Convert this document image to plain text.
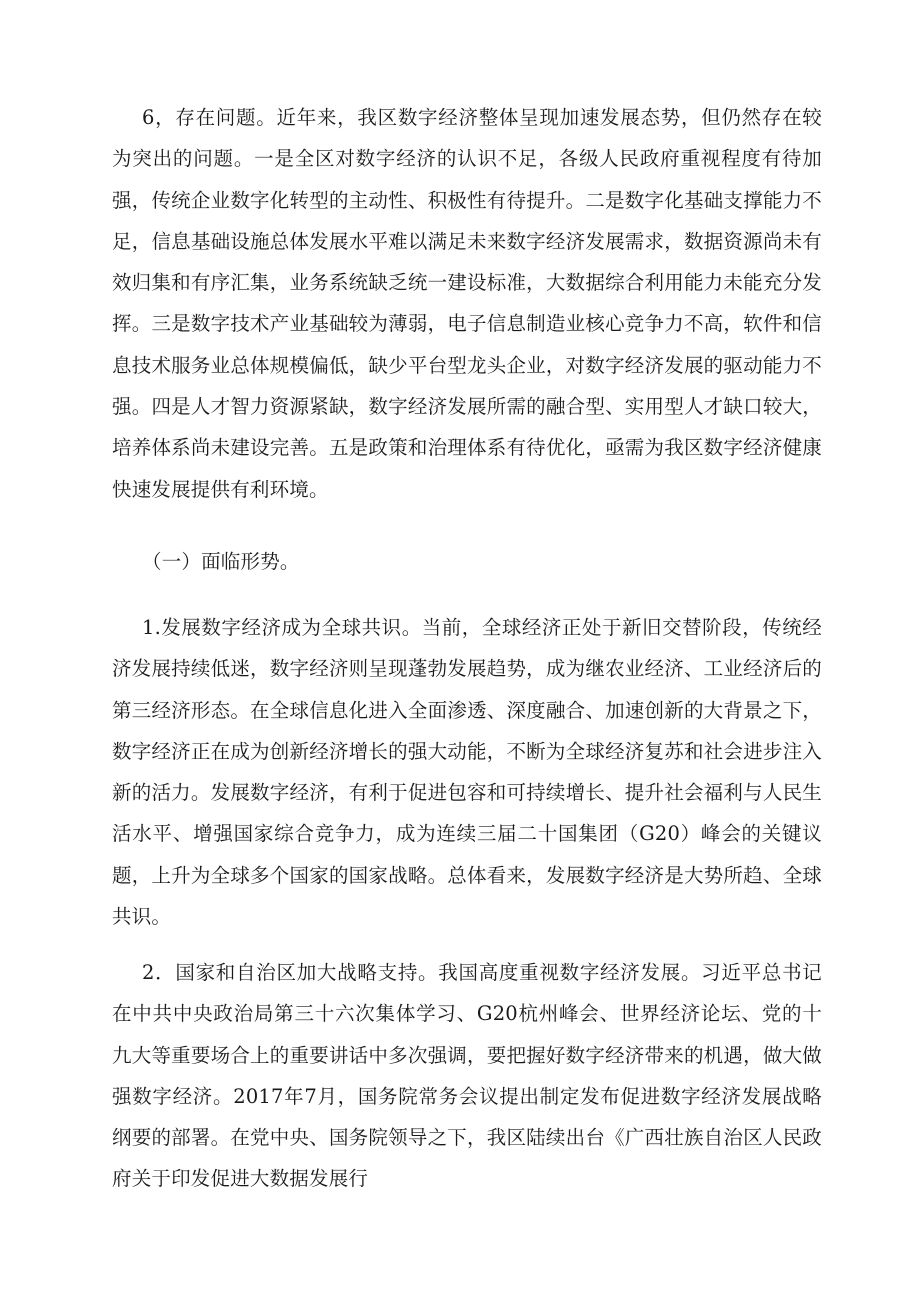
6，存在问题。近年来，我区数字经济整体呈现加速发展态势，但仍然存在较为突出的问题。一是全区对数字经济的认识不足，各级人民政府重视程度有待加强，传统企业数字化转型的主动性、积极性有待提升。二是数字化基础支撑能力不足，信息基础设施总体发展水平难以满足未来数字经济发展需求，数据资源尚未有效归集和有序汇集，业务系统缺乏统一建设标准，大数据综合利用能力未能充分发挥。三是数字技术产业基础较为薄弱，电子信息制造业核心竞争力不高，软件和信息技术服务业总体规模偏低，缺少平台型龙头企业，对数字经济发展的驱动能力不强。四是人才智力资源紧缺，数字经济发展所需的融合型、实用型人才缺口较大，培养体系尚未建设完善。五是政策和治理体系有待优化，亟需为我区数字经济健康快速发展提供有利环境。

（一）面临形势。

1.发展数字经济成为全球共识。当前，全球经济正处于新旧交替阶段，传统经济发展持续低迷，数字经济则呈现蓬勃发展趋势，成为继农业经济、工业经济后的第三经济形态。在全球信息化进入全面渗透、深度融合、加速创新的大背景之下，数字经济正在成为创新经济增长的强大动能，不断为全球经济复苏和社会进步注入新的活力。发展数字经济，有利于促进包容和可持续增长、提升社会福利与人民生活水平、增强国家综合竞争力，成为连续三届二十国集团（G20）峰会的关键议题，上升为全球多个国家的国家战略。总体看来，发展数字经济是大势所趋、全球共识。

2．国家和自治区加大战略支持。我国高度重视数字经济发展。习近平总书记在中共中央政治局第三十六次集体学习、G20杭州峰会、世界经济论坛、党的十九大等重要场合上的重要讲话中多次强调，要把握好数字经济带来的机遇，做大做强数字经济。2017年7月，国务院常务会议提出制定发布促进数字经济发展战略纲要的部署。在党中央、国务院领导之下，我区陆续出台《广西壮族自治区人民政府关于印发促进大数据发展行
